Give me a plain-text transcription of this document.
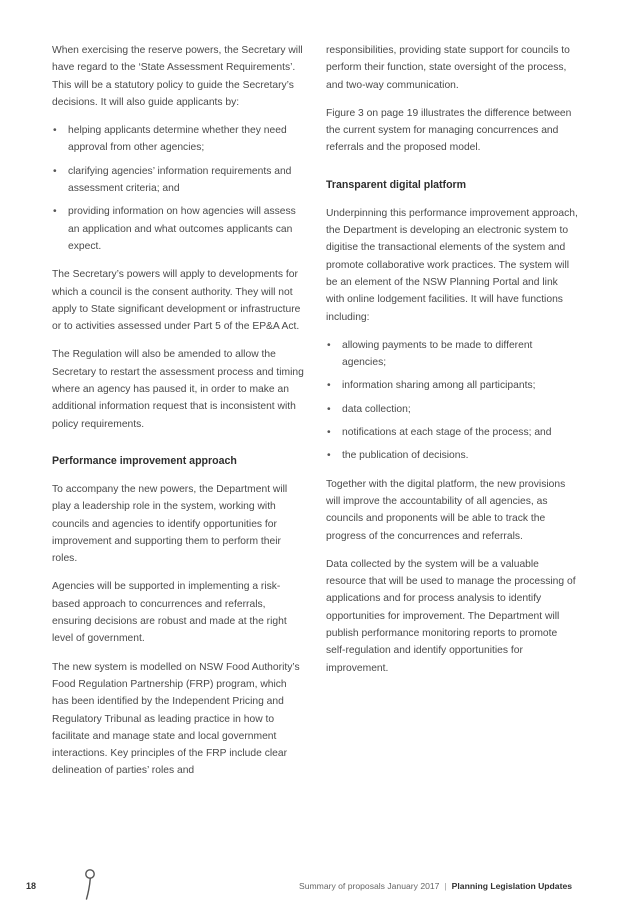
When exercising the reserve powers, the Secretary will have regard to the ‘State Assessment Requirements’. This will be a statutory policy to guide the Secretary’s decisions. It will also guide applicants by:

• helping applicants determine whether they need approval from other agencies;
• clarifying agencies’ information requirements and assessment criteria; and
• providing information on how agencies will assess an application and what outcomes applicants can expect.

The Secretary’s powers will apply to developments for which a council is the consent authority. They will not apply to State significant development or infrastructure or to activities assessed under Part 5 of the EP&A Act.

The Regulation will also be amended to allow the Secretary to restart the assessment process and timing where an agency has paused it, in order to make an additional information request that is inconsistent with policy requirements.

Performance improvement approach

To accompany the new powers, the Department will play a leadership role in the system, working with councils and agencies to identify opportunities for improvement and supporting them to perform their roles.

Agencies will be supported in implementing a risk-based approach to concurrences and referrals, ensuring decisions are robust and made at the right level of government.

The new system is modelled on NSW Food Authority’s Food Regulation Partnership (FRP) program, which has been identified by the Independent Pricing and Regulatory Tribunal as leading practice in how to facilitate and manage state and local government interactions. Key principles of the FRP include clear delineation of parties’ roles and

responsibilities, providing state support for councils to perform their function, state oversight of the process, and two-way communication.

Figure 3 on page 19 illustrates the difference between the current system for managing concurrences and referrals and the proposed model.

Transparent digital platform

Underpinning this performance improvement approach, the Department is developing an electronic system to digitise the transactional elements of the system and promote collaborative work practices. The system will be an element of the NSW Planning Portal and link with online lodgement facilities. It will have functions including:

• allowing payments to be made to different agencies;
• information sharing among all participants;
• data collection;
• notifications at each stage of the process; and
• the publication of decisions.

Together with the digital platform, the new provisions will improve the accountability of all agencies, as councils and proponents will be able to track the progress of the concurrences and referrals.

Data collected by the system will be a valuable resource that will be used to manage the processing of applications and for process analysis to identify opportunities for improvement. The Department will publish performance monitoring reports to promote self-regulation and identify opportunities for improvement.

18	Summary of proposals January 2017 | Planning Legislation Updates
